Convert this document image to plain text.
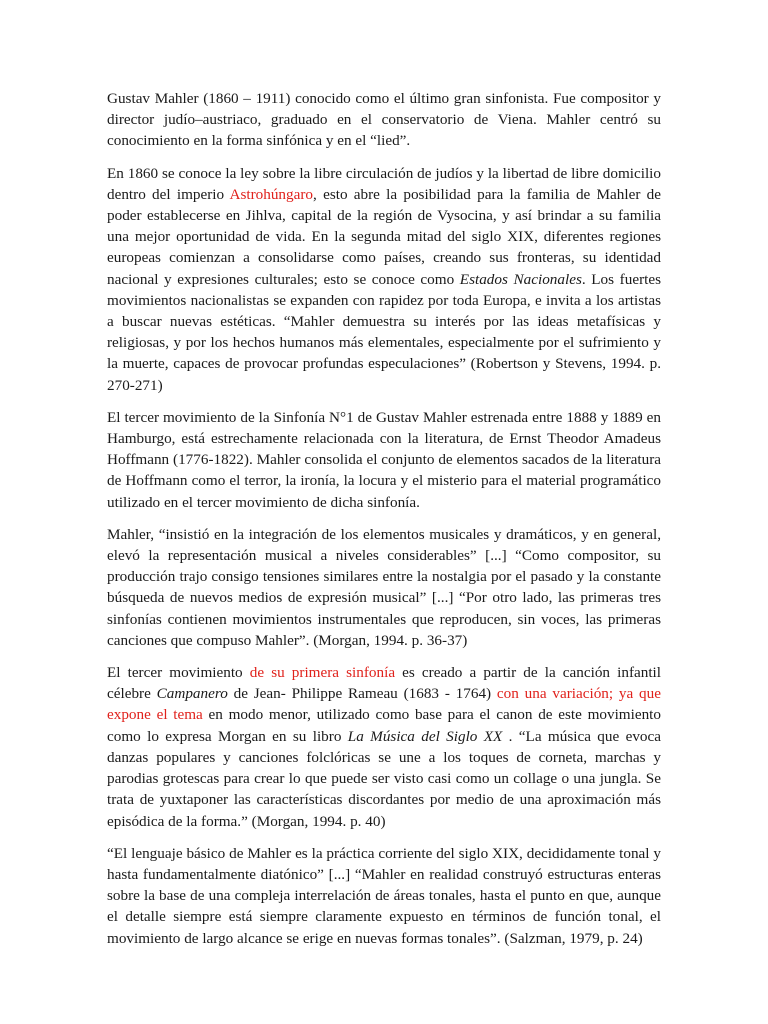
Gustav Mahler (1860 – 1911) conocido como el último gran sinfonista. Fue compositor y director judío–austriaco, graduado en el conservatorio de Viena. Mahler centró su conocimiento en la forma sinfónica y en el “lied”.

En 1860 se conoce la ley sobre la libre circulación de judíos y la libertad de libre domicilio dentro del imperio Astrohúngaro, esto abre la posibilidad para la familia de Mahler de poder establecerse en Jihlva, capital de la región de Vysocina, y así brindar a su familia una mejor oportunidad de vida. En la segunda mitad del siglo XIX, diferentes regiones europeas comienzan a consolidarse como países, creando sus fronteras, su identidad nacional y expresiones culturales; esto se conoce como Estados Nacionales. Los fuertes movimientos nacionalistas se expanden con rapidez por toda Europa, e invita a los artistas a buscar nuevas estéticas. “Mahler demuestra su interés por las ideas metafísicas y religiosas, y por los hechos humanos más elementales, especialmente por el sufrimiento y la muerte, capaces de provocar profundas especulaciones” (Robertson y Stevens, 1994. p. 270-271)

El tercer movimiento de la Sinfonía N°1 de Gustav Mahler estrenada entre 1888 y 1889 en Hamburgo, está estrechamente relacionada con la literatura, de Ernst Theodor Amadeus Hoffmann (1776-1822). Mahler consolida el conjunto de elementos sacados de la literatura de Hoffmann como el terror, la ironía, la locura y el misterio para el material programático utilizado en el tercer movimiento de dicha sinfonía.

Mahler, “insistió en la integración de los elementos musicales y dramáticos, y en general, elevó la representación musical a niveles considerables” [...] “Como compositor, su producción trajo consigo tensiones similares entre la nostalgia por el pasado y la constante búsqueda de nuevos medios de expresión musical” [...] “Por otro lado, las primeras tres sinfonías contienen movimientos instrumentales que reproducen, sin voces, las primeras canciones que compuso Mahler”. (Morgan, 1994. p. 36-37)

El tercer movimiento de su primera sinfonía es creado a partir de la canción infantil célebre Campanero de Jean- Philippe Rameau (1683 - 1764) con una variación; ya que expone el tema en modo menor, utilizado como base para el canon de este movimiento como lo expresa Morgan en su libro La Música del Siglo XX . “La música que evoca danzas populares y canciones folclóricas se une a los toques de corneta, marchas y parodias grotescas para crear lo que puede ser visto casi como un collage o una jungla. Se trata de yuxtaponer las características discordantes por medio de una aproximación más episódica de la forma.” (Morgan, 1994. p. 40)

“El lenguaje básico de Mahler es la práctica corriente del siglo XIX, decididamente tonal y hasta fundamentalmente diatónico” [...] “Mahler en realidad construyó estructuras enteras sobre la base de una compleja interrelación de áreas tonales, hasta el punto en que, aunque el detalle siempre está siempre claramente expuesto en términos de función tonal, el movimiento de largo alcance se erige en nuevas formas tonales”. (Salzman, 1979, p. 24)
